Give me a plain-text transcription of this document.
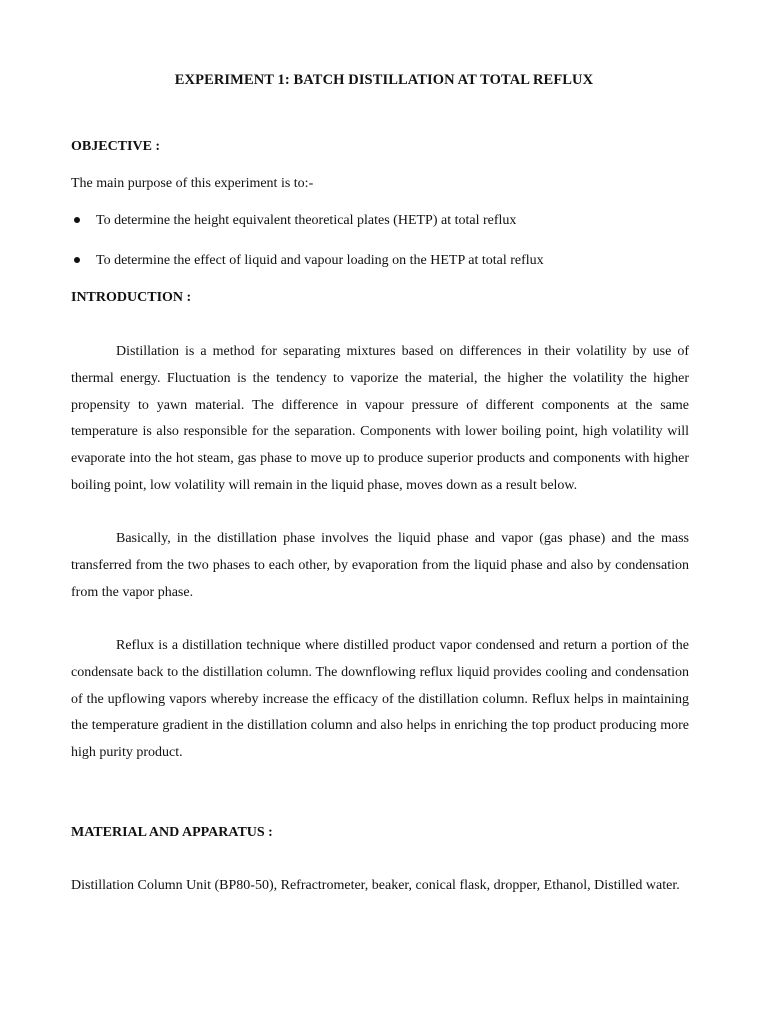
EXPERIMENT 1: BATCH DISTILLATION AT TOTAL REFLUX
OBJECTIVE :
The main purpose of this experiment is to:-
To determine the height equivalent theoretical plates (HETP) at total reflux
To determine the effect of liquid and vapour loading on the HETP at total reflux
INTRODUCTION :
Distillation is a method for separating mixtures based on differences in their volatility by use of thermal energy. Fluctuation is the tendency to vaporize the material, the higher the volatility the higher propensity to yawn material. The difference in vapour pressure of different components at the same temperature is also responsible for the separation. Components with lower boiling point, high volatility will evaporate into the hot steam, gas phase to move up to produce superior products and components with higher boiling point, low volatility will remain in the liquid phase, moves down as a result below.
Basically, in the distillation phase involves the liquid phase and vapor (gas phase) and the mass transferred from the two phases to each other, by evaporation from the liquid phase and also by condensation from the vapor phase.
Reflux is a distillation technique where distilled product vapor condensed and return a portion of the condensate back to the distillation column. The downflowing reflux liquid provides cooling and condensation of the upflowing vapors whereby increase the efficacy of the distillation column. Reflux helps in maintaining the temperature gradient in the distillation column and also helps in enriching the top product producing more high purity product.
MATERIAL AND APPARATUS :
Distillation Column Unit (BP80-50), Refractrometer, beaker, conical flask, dropper, Ethanol, Distilled water.
